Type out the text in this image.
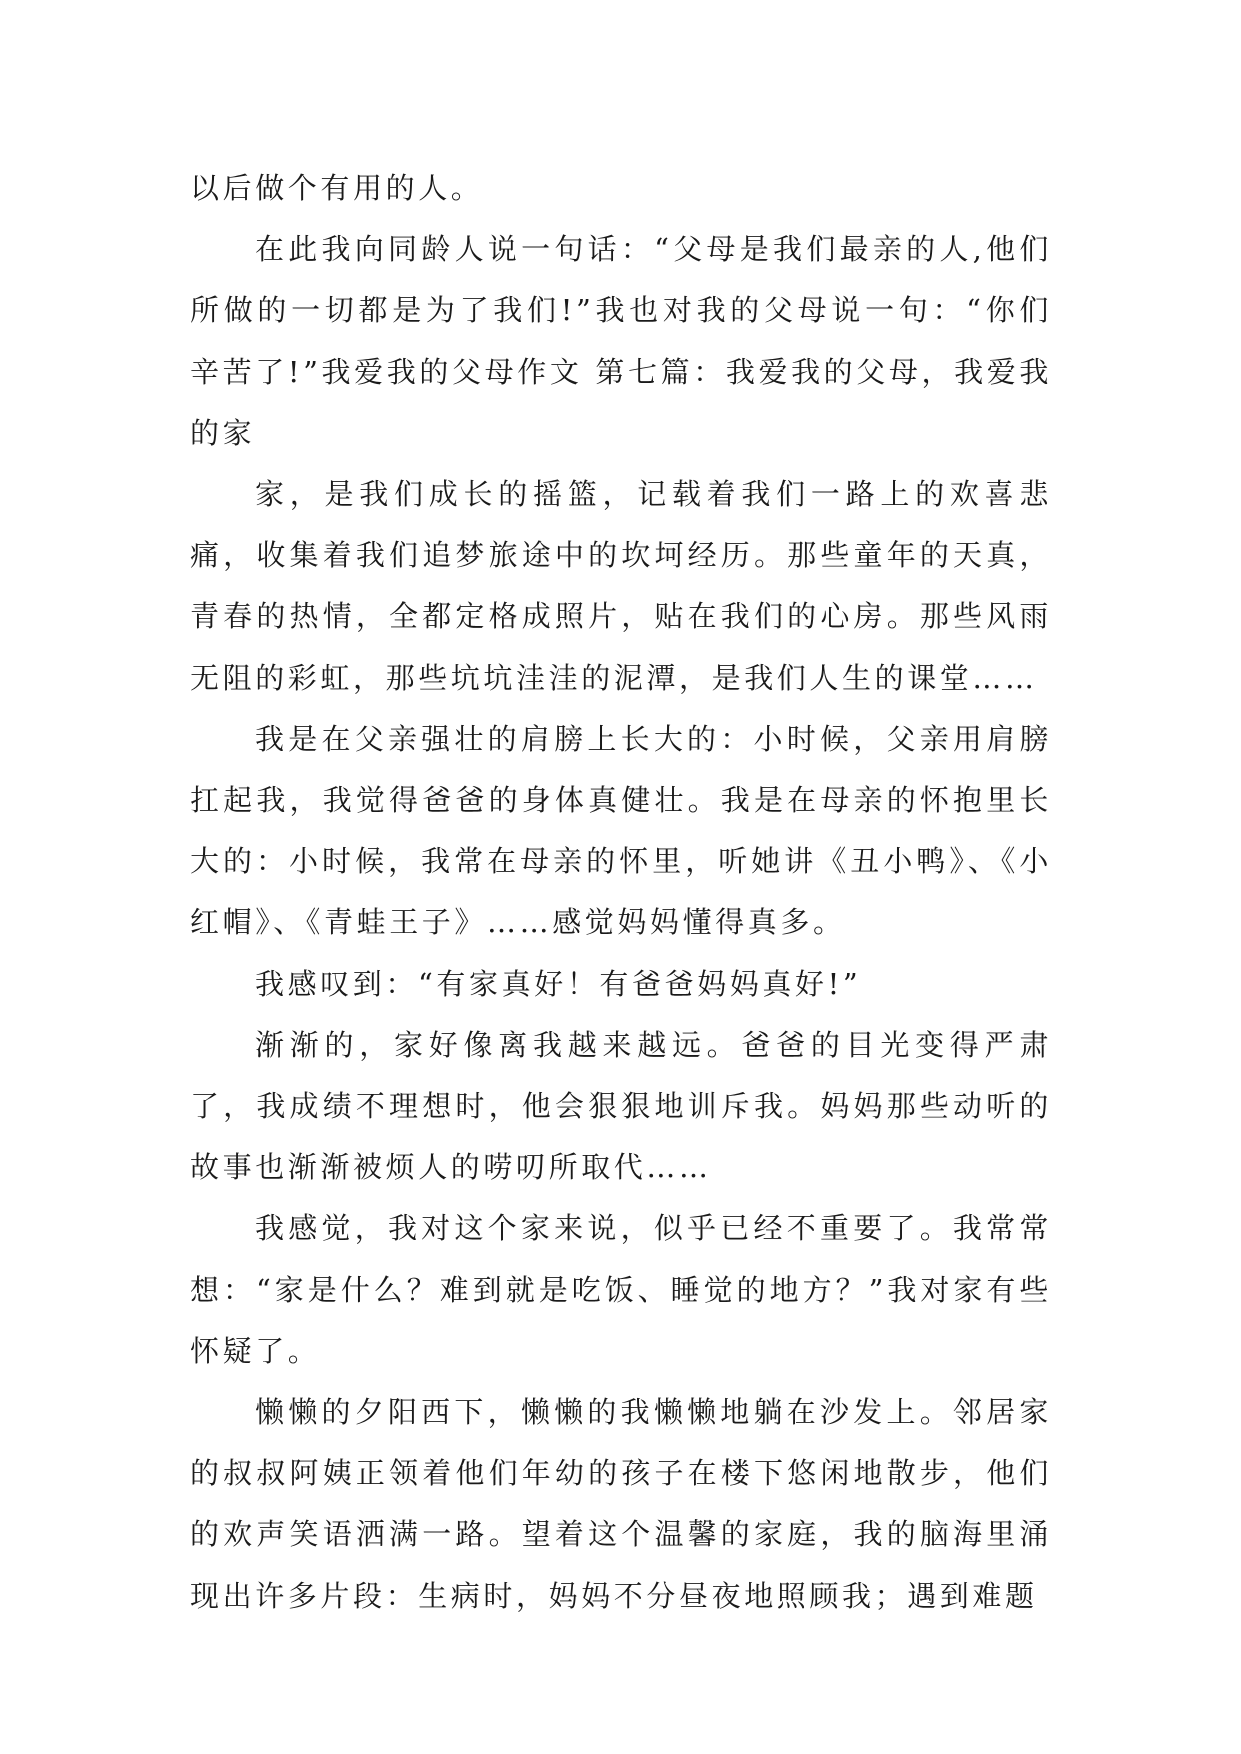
以后做个有用的人。

在此我向同龄人说一句话：“父母是我们最亲的人,他们所做的一切都是为了我们!”我也对我的父母说一句：“你们辛苦了!”我爱我的父母作文 第七篇：我爱我的父母，我爱我的家

家，是我们成长的摇篮，记载着我们一路上的欢喜悲痛，收集着我们追梦旅途中的坎坷经历。那些童年的天真，青春的热情，全都定格成照片，贴在我们的心房。那些风雨无阻的彩虹，那些坑坑洼洼的泥潭，是我们人生的课堂……

我是在父亲强壮的肩膀上长大的：小时候，父亲用肩膀扛起我，我觉得爸爸的身体真健壮。我是在母亲的怀抱里长大的：小时候，我常在母亲的怀里，听她讲《丑小鸭》、《小红帽》、《青蛙王子》……感觉妈妈懂得真多。

我感叹到：“有家真好！有爸爸妈妈真好!”

渐渐的，家好像离我越来越远。爸爸的目光变得严肃了，我成绩不理想时，他会狠狠地训斥我。妈妈那些动听的故事也渐渐被烦人的唠叨所取代……

我感觉，我对这个家来说，似乎已经不重要了。我常常想：“家是什么？难到就是吃饭、睡觉的地方？”我对家有些怀疑了。

懒懒的夕阳西下，懒懒的我懒懒地躺在沙发上。邻居家的叔叔阿姨正领着他们年幼的孩子在楼下悠闲地散步，他们的欢声笑语洒满一路。望着这个温馨的家庭，我的脑海里涌现出许多片段：生病时，妈妈不分昼夜地照顾我；遇到难题
